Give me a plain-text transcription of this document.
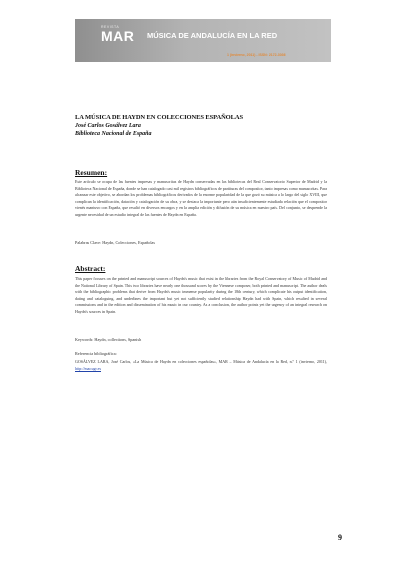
REVISTA
MAR MÚSICA DE ANDALUCÍA EN LA RED
1 (invierno, 2011) - ISSN: 2172-3036
LA MÚSICA DE HAYDN EN COLECCIONES ESPAÑOLAS
José Carlos Gosálvez Lara
Biblioteca Nacional de España
Resumen:
Este artículo se ocupa de las fuentes impresas y manuscritas de Haydn conservadas en las bibliotecas del Real Conservatorio Superior de Madrid y la Biblioteca Nacional de España, donde se han catalogado casi mil registros bibliográficos de partituras del compositor, tanto impresas como manuscritas. Para alcanzar este objetivo, se abordan los problemas bibliográficos derivados de la enorme popularidad de la que gozó su música a lo largo del siglo XVIII, que complican la identificación, datación y catalogación de su obra, y se destaca la importante pero aún insuficientemente estudiada relación que el compositor vienés mantuvo con España, que resultó en diversos encargos y en la amplia edición y difusión de su música en nuestro país. Del conjunto, se desprende la urgente necesidad de un estudio integral de las fuentes de Haydn en España.
Palabras Clave: Haydn, Colecciones, Españolas
Abstract:
This paper focuses on the printed and manuscript sources of Haydn's music that exist in the libraries from the Royal Conservatory of Music of Madrid and the National Library of Spain. This two libraries have nearly one thousand scores by the Viennese composer, both printed and manuscript. The author deals with the bibliographic problems that derive from Haydn's music immense popularity during the 18th century, which complicate his output identification, dating and cataloguing, and underlines the important but yet not sufficiently studied relationship Haydn had with Spain, which resulted in several commissions and in the edition and dissemination of his music in our country. As a conclusion, the author points yet the urgency of an integral research on Haydn's sources in Spain.
Keywords: Haydn, collections, Spanish
Referencia bibliográfica:
GOSÁLVEZ LARA, José Carlos, «La Música de Haydn en colecciones españolas», MAR – Música de Andalucía en la Red, n.º 1 (invierno, 2011), http://mar.ugr.es
9
